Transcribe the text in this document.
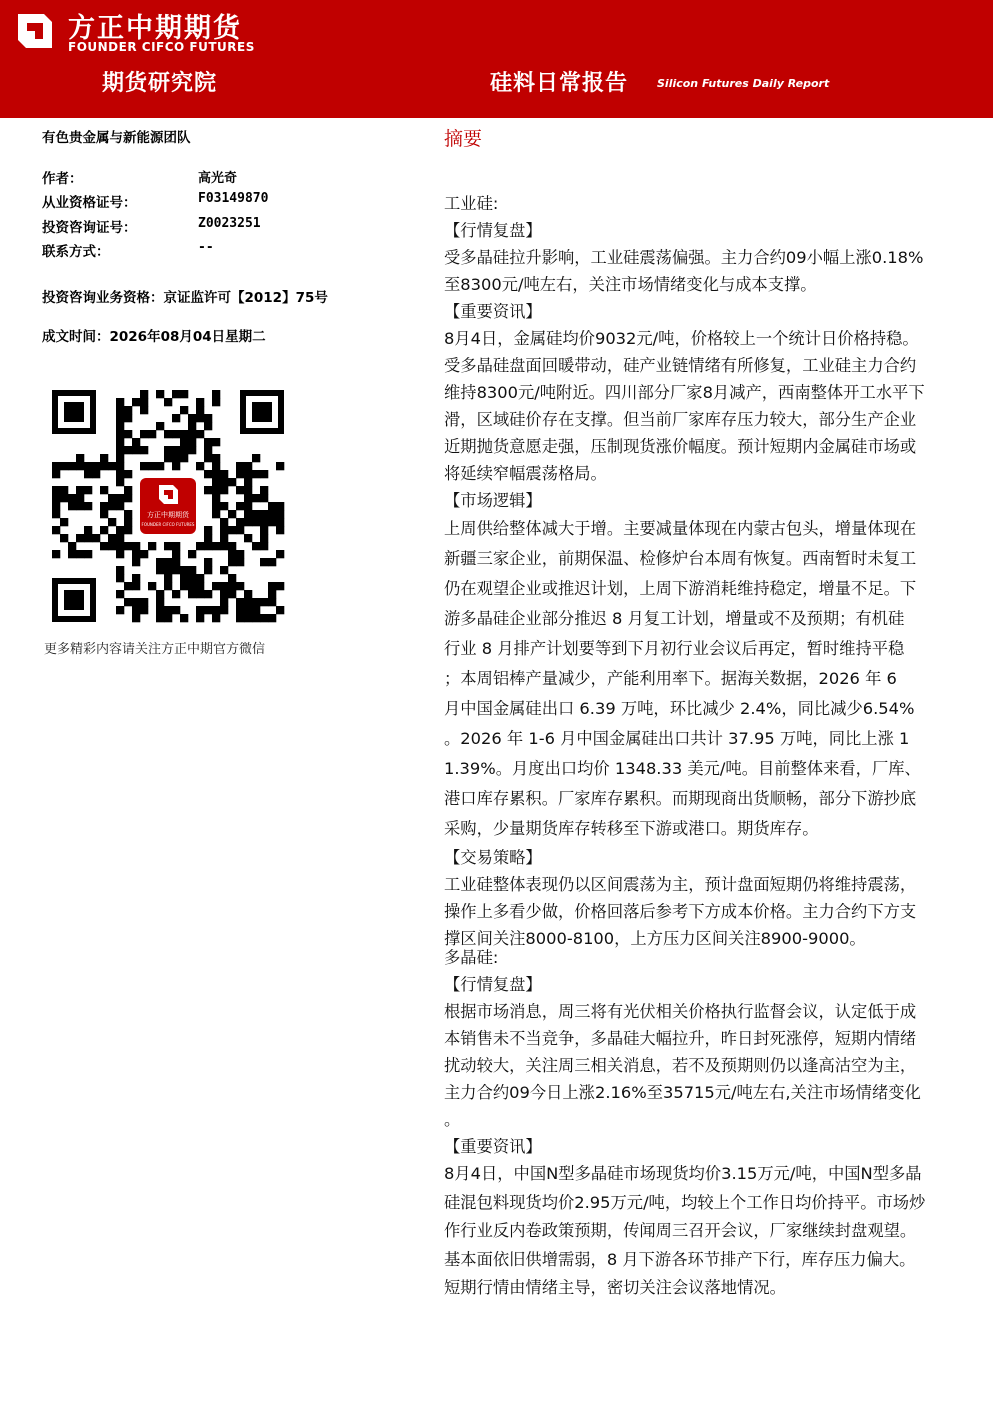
方正中期期货
FOUNDER CIFCO FUTURES
期货研究院	硅料日常报告	Silicon Futures Daily Report
有色贵金属与新能源团队
作者：	高光奇
从业资格证号：	F03149870
投资咨询证号：	Z0023251
联系方式：	--
投资咨询业务资格：京证监许可【2012】75号
成文时间：2026年08月04日星期二
方正中期期货
FOUNDER CIFCO FUTURES
更多精彩内容请关注方正中期官方微信
摘要

工业硅:

【行情复盘】

受多晶硅拉升影响，工业硅震荡偏强。主力合约09小幅上涨0.18%

至8300元/吨左右，关注市场情绪变化与成本支撑。

【重要资讯】

8月4日，金属硅均价9032元/吨，价格较上一个统计日价格持稳。

受多晶硅盘面回暖带动，硅产业链情绪有所修复，工业硅主力合约

维持8300元/吨附近。四川部分厂家8月减产，西南整体开工水平下

滑，区域硅价存在支撑。但当前厂家库存压力较大，部分生产企业

近期抛货意愿走强，压制现货涨价幅度。预计短期内金属硅市场或

将延续窄幅震荡格局。

【市场逻辑】

上周供给整体减大于增。主要减量体现在内蒙古包头，增量体现在

新疆三家企业，前期保温、检修炉台本周有恢复。西南暂时未复工

仍在观望企业或推迟计划，上周下游消耗维持稳定，增量不足。下

游多晶硅企业部分推迟 8 月复工计划，增量或不及预期；有机硅

行业 8 月排产计划要等到下月初行业会议后再定，暂时维持平稳

；本周铝棒产量减少，产能利用率下。据海关数据，2026 年 6

月中国金属硅出口 6.39 万吨，环比减少 2.4%，同比减少6.54%

。2026 年 1-6 月中国金属硅出口共计 37.95 万吨，同比上涨 1

1.39%。月度出口均价 1348.33 美元/吨。目前整体来看，厂库、

港口库存累积。厂家库存累积。而期现商出货顺畅，部分下游抄底

采购，少量期货库存转移至下游或港口。期货库存。

【交易策略】

工业硅整体表现仍以区间震荡为主，预计盘面短期仍将维持震荡，

操作上多看少做，价格回落后参考下方成本价格。主力合约下方支

撑区间关注8000-8100，上方压力区间关注8900-9000。

多晶硅:

【行情复盘】

根据市场消息，周三将有光伏相关价格执行监督会议，认定低于成

本销售未不当竞争，多晶硅大幅拉升，昨日封死涨停，短期内情绪

扰动较大，关注周三相关消息，若不及预期则仍以逢高沽空为主，

主力合约09今日上涨2.16%至35715元/吨左右,关注市场情绪变化

。

【重要资讯】

8月4日，中国N型多晶硅市场现货均价3.15万元/吨，中国N型多晶

硅混包料现货均价2.95万元/吨，均较上个工作日均价持平。市场炒

作行业反内卷政策预期，传闻周三召开会议，厂家继续封盘观望。

基本面依旧供增需弱，8 月下游各环节排产下行，库存压力偏大。

短期行情由情绪主导，密切关注会议落地情况。
